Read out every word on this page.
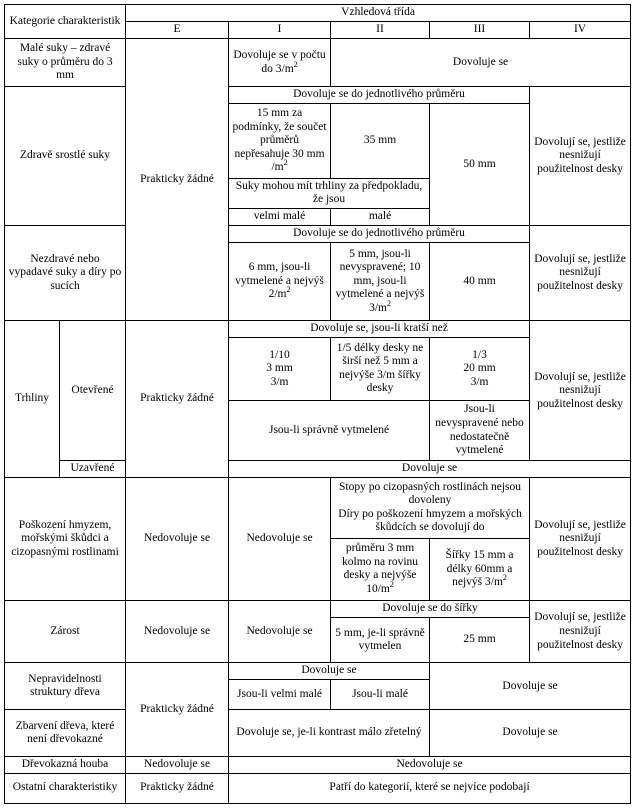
Kategorie charakteristik		Vzhledová třída				
		E	I	II	III	IV
Malé suky – zdravé suky o průměru do 3 mm		Prakticky žádné	Dovoluje se v počtu do $3/m^2$	Dovoluje se		
Zdravě srostlé suky			Dovoluje se do jednotlivého průměru			Dovolují se, jestliže nesnižují použitelnost desky
			15 mm za podmínky, že součet průměrů nepřesahuje 30 mm $/m^2$	35 mm	50 mm	
			Suky mohou mít trhliny za předpokladu, že jsou			
			velmi malé	malé		
Nezdravé nebo vypadavé suky a díry po sucích			Dovoluje se do jednotlivého průměru			Dovolují se, jestliže nesnižují použitelnost desky
			6 mm, jsou-li vytmelené a nejvýš $2/m^2$	5 mm, jsou-li nevyspravené; 10 mm, jsou-li vytmelené a nejvýš $3/m^2$	40 mm	
Trhliny	Otevřené	Prakticky žádné	Dovoluje se, jsou-li kratší než			Dovolují se, jestliže nesnižují použitelnost desky
			1/10
3 mm
3/m	1/5 délky desky ne širší než 5 mm a nejvýše 3/m šířky desky	1/3
20 mm
3/m	
			Jsou-li správně vytmelené		Jsou-li nevyspravené nebo nedostatečně vytmelené	
	Uzavřené		Dovoluje se			
Poškození hmyzem, mořskými škůdci a cizopasnými rostlinami		Nedovoluje se	Nedovoluje se	Stopy po cizopasných rostlinách nejsou dovoleny
Díry po poškození hmyzem a mořských škůdcích se dovolují do		Dovolují se, jestliže nesnižují použitelnost desky
				průměru 3 mm kolmo na rovinu desky a nejvýše $10/m^2$	Šířky 15 mm a délky 60mm a nejvýš $3/m^2$
Zárost		Nedovoluje se	Nedovoluje se	Dovoluje se do šířky		Dovolují se, jestliže nesnižují použitelnost desky
				5 mm, je-li správně vytmelen	25 mm	
Nepravidelnosti struktury dřeva		Prakticky žádné	Dovoluje se		Dovoluje se	
			Jsou-li velmi malé	Jsou-li malé		
Zbarvení dřeva, které není dřevokazné			Dovoluje se, je-li kontrast málo zřetelný		Dovoluje se	
Dřevokazná houba		Nedovoluje se	Nedovoluje se			
Ostatní charakteristiky		Prakticky žádné	Patří do kategorií, které se nejvíce podobají			
